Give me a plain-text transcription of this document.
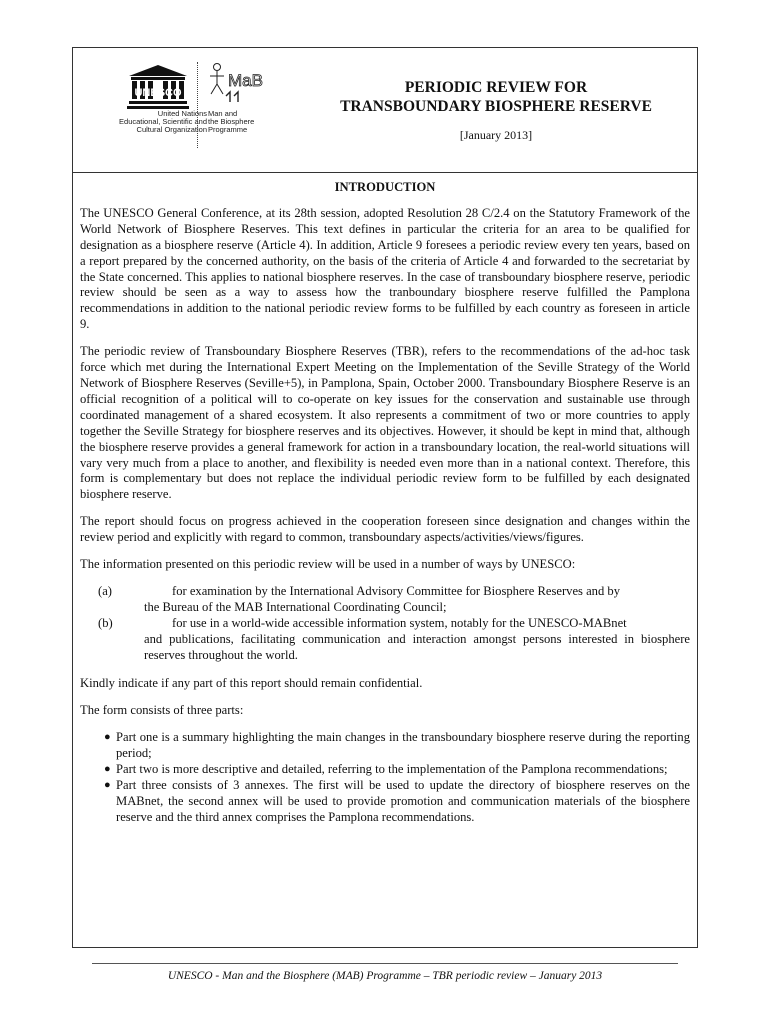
UNESCO
United Nations
Educational, Scientific and
Cultural Organization
MaB
Man and
the Biosphere
Programme
PERIODIC REVIEW FOR
TRANSBOUNDARY BIOSPHERE RESERVE
[January 2013]
INTRODUCTION

The UNESCO General Conference, at its 28th session, adopted Resolution 28 C/2.4 on the Statutory Framework of the World Network of Biosphere Reserves. This text defines in particular the criteria for an area to be qualified for designation as a biosphere reserve (Article 4). In addition, Article 9 foresees a periodic review every ten years, based on a report prepared by the concerned authority, on the basis of the criteria of Article 4 and forwarded to the secretariat by the State concerned. This applies to national biosphere reserves. In the case of transboundary biosphere reserve, periodic review should be seen as a way to assess how the tranboundary biosphere reserve fulfilled the Pamplona recommendations in addition to the national periodic review forms to be fulfilled by each country as foreseen in article 9.

The periodic review of Transboundary Biosphere Reserves (TBR), refers to the recommendations of the ad-hoc task force which met during the International Expert Meeting on the Implementation of the Seville Strategy of the World Network of Biosphere Reserves (Seville+5), in Pamplona, Spain, October 2000. Transboundary Biosphere Reserve is an official recognition of a political will to co-operate on key issues for the conservation and sustainable use through coordinated management of a shared ecosystem. It also represents a commitment of two or more countries to apply together the Seville Strategy for biosphere reserves and its objectives. However, it should be kept in mind that, although the biosphere reserve provides a general framework for action in a transboundary location, the real-world situations will vary very much from a place to another, and flexibility is needed even more than in a national context. Therefore, this form is complementary but does not replace the individual periodic review form to be fulfilled by each designated biosphere reserve.

The report should focus on progress achieved in the cooperation foreseen since designation and changes within the review period and explicitly with regard to common, transboundary aspects/activities/views/figures.

The information presented on this periodic review will be used in a number of ways by UNESCO:

(a)	for examination by the International Advisory Committee for Biosphere Reserves and by
the Bureau of the MAB International Coordinating Council;
(b)	for use in a world-wide accessible information system, notably for the UNESCO-MABnet
and publications, facilitating communication and interaction amongst persons interested in biosphere reserves throughout the world.

Kindly indicate if any part of this report should remain confidential.

The form consists of three parts:

● Part one is a summary highlighting the main changes in the transboundary biosphere reserve during the reporting period;
● Part two is more descriptive and detailed, referring to the implementation of the Pamplona recommendations;
● Part three consists of 3 annexes. The first will be used to update the directory of biosphere reserves on the MABnet, the second annex will be used to provide promotion and communication materials of the biosphere reserve and the third annex comprises the Pamplona recommendations.
UNESCO - Man and the Biosphere (MAB) Programme – TBR periodic review – January 2013
